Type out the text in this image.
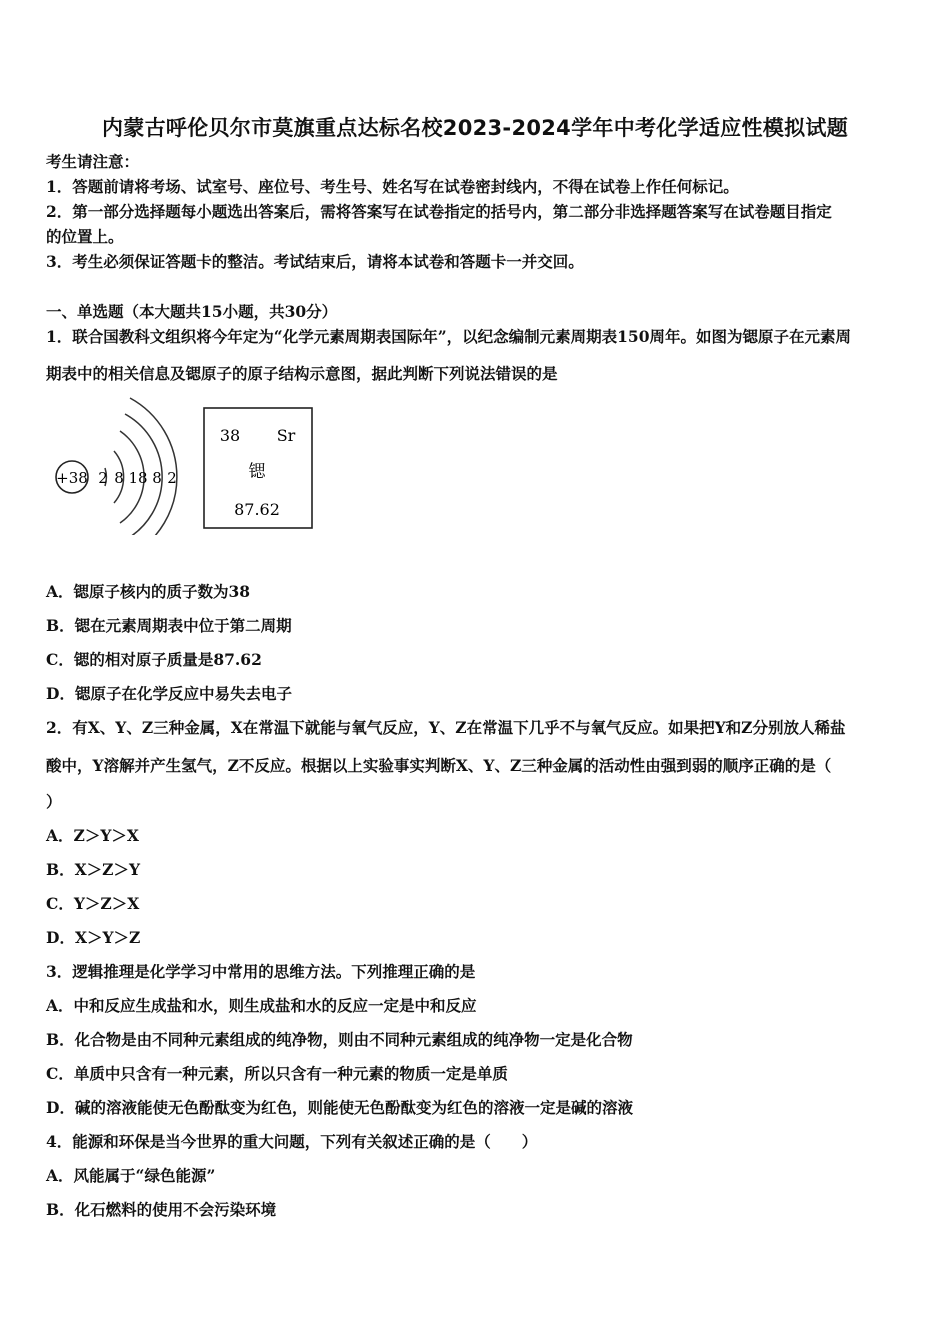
内蒙古呼伦贝尔市莫旗重点达标名校2023-2024学年中考化学适应性模拟试题
考生请注意：
1．答题前请将考场、试室号、座位号、考生号、姓名写在试卷密封线内，不得在试卷上作任何标记。
2．第一部分选择题每小题选出答案后，需将答案写在试卷指定的括号内，第二部分非选择题答案写在试卷题目指定
的位置上。
3．考生必须保证答题卡的整洁。考试结束后，请将本试卷和答题卡一并交回。
一、单选题（本大题共15小题，共30分）
1．联合国教科文组织将今年定为“化学元素周期表国际年”，以纪念编制元素周期表150周年。如图为锶原子在元素周
期表中的相关信息及锶原子的原子结构示意图，据此判断下列说法错误的是
+38 2 8 18 8 2
38 Sr
锶
87.62
A．锶原子核内的质子数为38
B．锶在元素周期表中位于第二周期
C．锶的相对原子质量是87.62
D．锶原子在化学反应中易失去电子
2．有X、Y、Z三种金属，X在常温下就能与氧气反应，Y、Z在常温下几乎不与氧气反应。如果把Y和Z分别放人稀盐
酸中，Y溶解并产生氢气，Z不反应。根据以上实验事实判断X、Y、Z三种金属的活动性由强到弱的顺序正确的是（
）
A．Z＞Y＞X
B．X＞Z＞Y
C．Y＞Z＞X
D．X＞Y＞Z
3．逻辑推理是化学学习中常用的思维方法。下列推理正确的是
A．中和反应生成盐和水，则生成盐和水的反应一定是中和反应
B．化合物是由不同种元素组成的纯净物，则由不同种元素组成的纯净物一定是化合物
C．单质中只含有一种元素，所以只含有一种元素的物质一定是单质
D．碱的溶液能使无色酚酞变为红色，则能使无色酚酞变为红色的溶液一定是碱的溶液
4．能源和环保是当今世界的重大问题，下列有关叙述正确的是（　　）
A．风能属于“绿色能源”
B．化石燃料的使用不会污染环境
